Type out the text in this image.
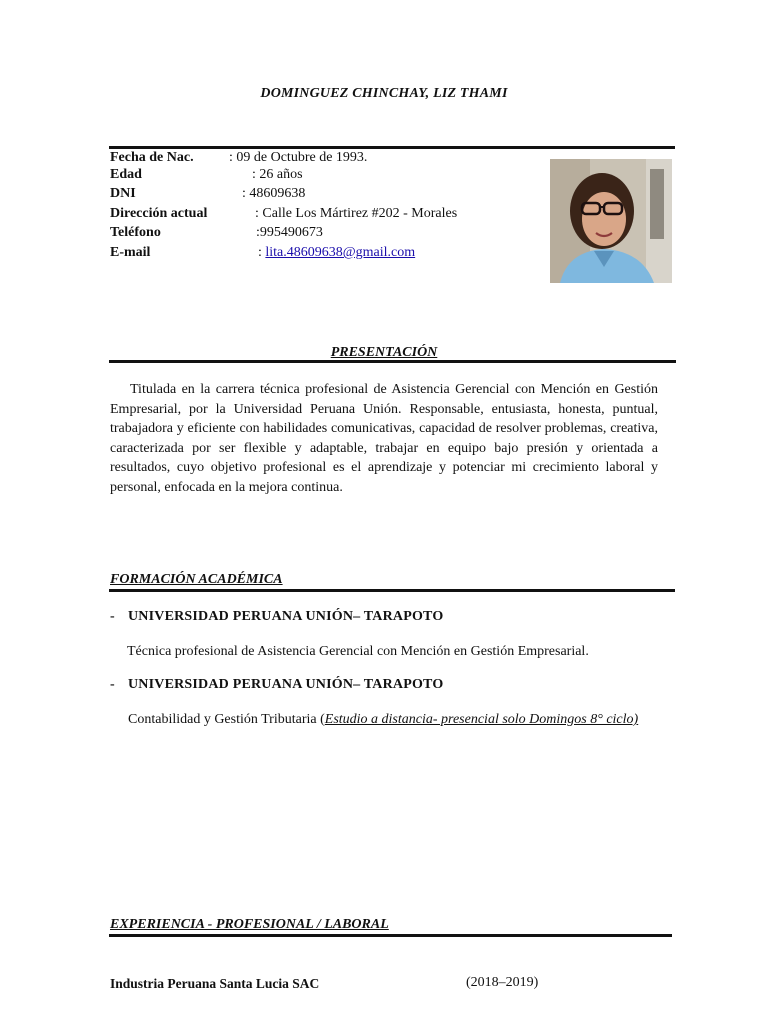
DOMINGUEZ CHINCHAY, LIZ THAMI
Fecha de Nac.	: 09 de Octubre de 1993.
Edad	: 26 años
DNI	: 48609638
Dirección actual	: Calle Los Mártirez #202 - Morales
Teléfono	:995490673
E-mail	: lita.48609638@gmail.com
PRESENTACIÓN
Titulada en la carrera técnica profesional de Asistencia Gerencial con Mención en Gestión Empresarial, por la Universidad Peruana Unión. Responsable, entusiasta, honesta, puntual, trabajadora y eficiente con habilidades comunicativas, capacidad de resolver problemas, creativa, caracterizada por ser flexible y adaptable, trabajar en equipo bajo presión y orientada a resultados, cuyo objetivo profesional es el aprendizaje y potenciar mi crecimiento laboral y personal, enfocada en la mejora continua.
FORMACIÓN ACADÉMICA
- UNIVERSIDAD PERUANA UNIÓN– TARAPOTO
Técnica profesional de Asistencia Gerencial con Mención en Gestión Empresarial.
- UNIVERSIDAD PERUANA UNIÓN– TARAPOTO
Contabilidad y Gestión Tributaria (Estudio a distancia- presencial solo Domingos 8° ciclo)
EXPERIENCIA - PROFESIONAL / LABORAL
Industria Peruana Santa Lucia SAC	(2018–2019)
